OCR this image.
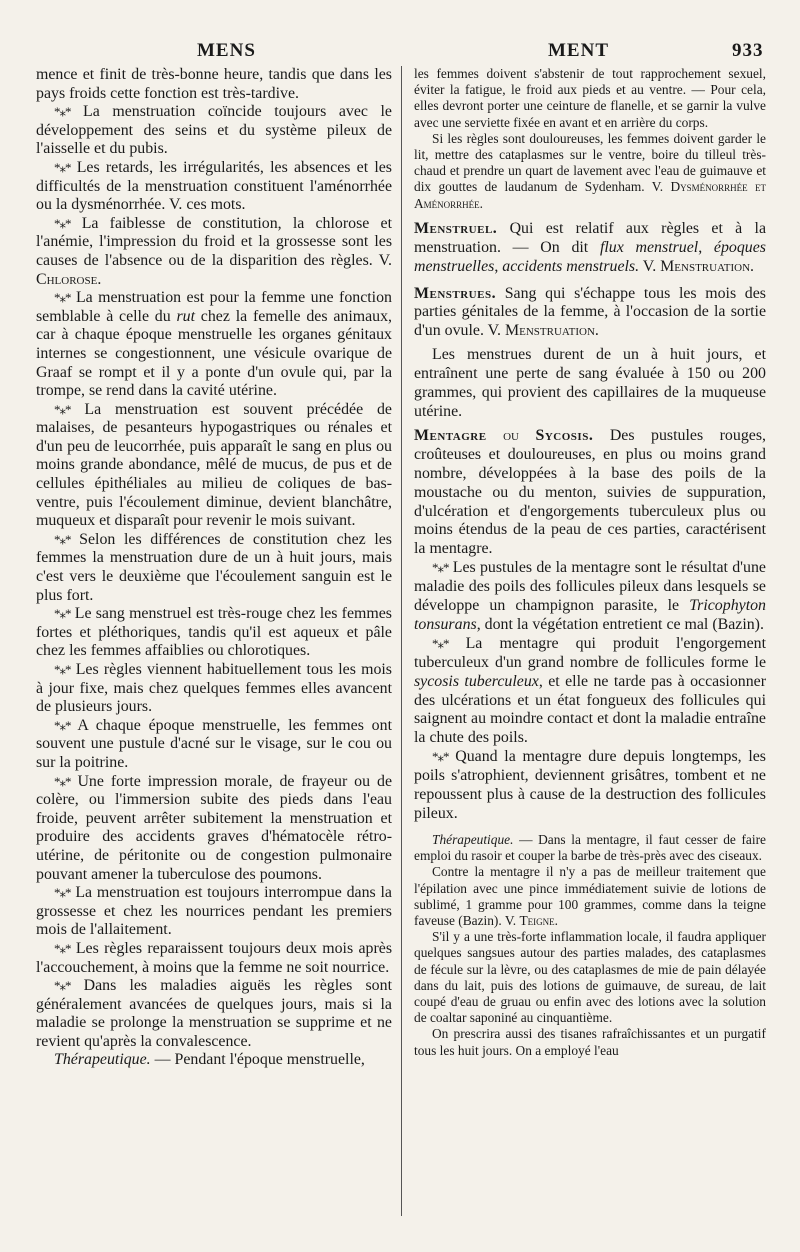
MENS	MENT	933

mence et finit de très-bonne heure, tandis que dans les pays froids cette fonction est très-tardive.

*⁎* La menstruation coïncide toujours avec le développement des seins et du système pileux de l'aisselle et du pubis.

*⁎* Les retards, les irrégularités, les absences et les difficultés de la menstruation constituent l'aménorrhée ou la dysménorrhée. V. ces mots.

*⁎* La faiblesse de constitution, la chlorose et l'anémie, l'impression du froid et la grossesse sont les causes de l'absence ou de la disparition des règles. V. Chlorose.

*⁎* La menstruation est pour la femme une fonction semblable à celle du rut chez la femelle des animaux, car à chaque époque menstruelle les organes génitaux internes se congestionnent, une vésicule ovarique de Graaf se rompt et il y a ponte d'un ovule qui, par la trompe, se rend dans la cavité utérine.

*⁎* La menstruation est souvent précédée de malaises, de pesanteurs hypogastriques ou rénales et d'un peu de leucorrhée, puis apparaît le sang en plus ou moins grande abondance, mêlé de mucus, de pus et de cellules épithéliales au milieu de coliques de bas-ventre, puis l'écoulement diminue, devient blanchâtre, muqueux et disparaît pour revenir le mois suivant.

*⁎* Selon les différences de constitution chez les femmes la menstruation dure de un à huit jours, mais c'est vers le deuxième que l'écoulement sanguin est le plus fort.

*⁎* Le sang menstruel est très-rouge chez les femmes fortes et pléthoriques, tandis qu'il est aqueux et pâle chez les femmes affaiblies ou chlorotiques.

*⁎* Les règles viennent habituellement tous les mois à jour fixe, mais chez quelques femmes elles avancent de plusieurs jours.

*⁎* A chaque époque menstruelle, les femmes ont souvent une pustule d'acné sur le visage, sur le cou ou sur la poitrine.

*⁎* Une forte impression morale, de frayeur ou de colère, ou l'immersion subite des pieds dans l'eau froide, peuvent arrêter subitement la menstruation et produire des accidents graves d'hématocèle rétro-utérine, de péritonite ou de congestion pulmonaire pouvant amener la tuberculose des poumons.

*⁎* La menstruation est toujours interrompue dans la grossesse et chez les nourrices pendant les premiers mois de l'allaitement.

*⁎* Les règles reparaissent toujours deux mois après l'accouchement, à moins que la femme ne soit nourrice.

*⁎* Dans les maladies aiguës les règles sont généralement avancées de quelques jours, mais si la maladie se prolonge la menstruation se supprime et ne revient qu'après la convalescence.

Thérapeutique. — Pendant l'époque menstruelle,

les femmes doivent s'abstenir de tout rapprochement sexuel, éviter la fatigue, le froid aux pieds et au ventre. — Pour cela, elles devront porter une ceinture de flanelle, et se garnir la vulve avec une serviette fixée en avant et en arrière du corps.

Si les règles sont douloureuses, les femmes doivent garder le lit, mettre des cataplasmes sur le ventre, boire du tilleul très-chaud et prendre un quart de lavement avec l'eau de guimauve et dix gouttes de laudanum de Sydenham. V. Dysménorrhée et Aménorrhée.

Menstruel. Qui est relatif aux règles et à la menstruation. — On dit flux menstruel, époques menstruelles, accidents menstruels. V. Menstruation.

Menstrues. Sang qui s'échappe tous les mois des parties génitales de la femme, à l'occasion de la sortie d'un ovule. V. Menstruation.

Les menstrues durent de un à huit jours, et entraînent une perte de sang évaluée à 150 ou 200 grammes, qui provient des capillaires de la muqueuse utérine.

Mentagre ou Sycosis. Des pustules rouges, croûteuses et douloureuses, en plus ou moins grand nombre, développées à la base des poils de la moustache ou du menton, suivies de suppuration, d'ulcération et d'engorgements tuberculeux plus ou moins étendus de la peau de ces parties, caractérisent la mentagre.

*⁎* Les pustules de la mentagre sont le résultat d'une maladie des poils des follicules pileux dans lesquels se développe un champignon parasite, le Tricophyton tonsurans, dont la végétation entretient ce mal (Bazin).

*⁎* La mentagre qui produit l'engorgement tuberculeux d'un grand nombre de follicules forme le sycosis tuberculeux, et elle ne tarde pas à occasionner des ulcérations et un état fongueux des follicules qui saignent au moindre contact et dont la maladie entraîne la chute des poils.

*⁎* Quand la mentagre dure depuis longtemps, les poils s'atrophient, deviennent grisâtres, tombent et ne repoussent plus à cause de la destruction des follicules pileux.

Thérapeutique. — Dans la mentagre, il faut cesser de faire emploi du rasoir et couper la barbe de très-près avec des ciseaux.

Contre la mentagre il n'y a pas de meilleur traitement que l'épilation avec une pince immédiatement suivie de lotions de sublimé, 1 gramme pour 100 grammes, comme dans la teigne faveuse (Bazin). V. Teigne.

S'il y a une très-forte inflammation locale, il faudra appliquer quelques sangsues autour des parties malades, des cataplasmes de fécule sur la lèvre, ou des cataplasmes de mie de pain délayée dans du lait, puis des lotions de guimauve, de sureau, de lait coupé d'eau de gruau ou enfin avec des lotions avec la solution de coaltar saponiné au cinquantième.

On prescrira aussi des tisanes rafraîchissantes et un purgatif tous les huit jours. On a employé l'eau
